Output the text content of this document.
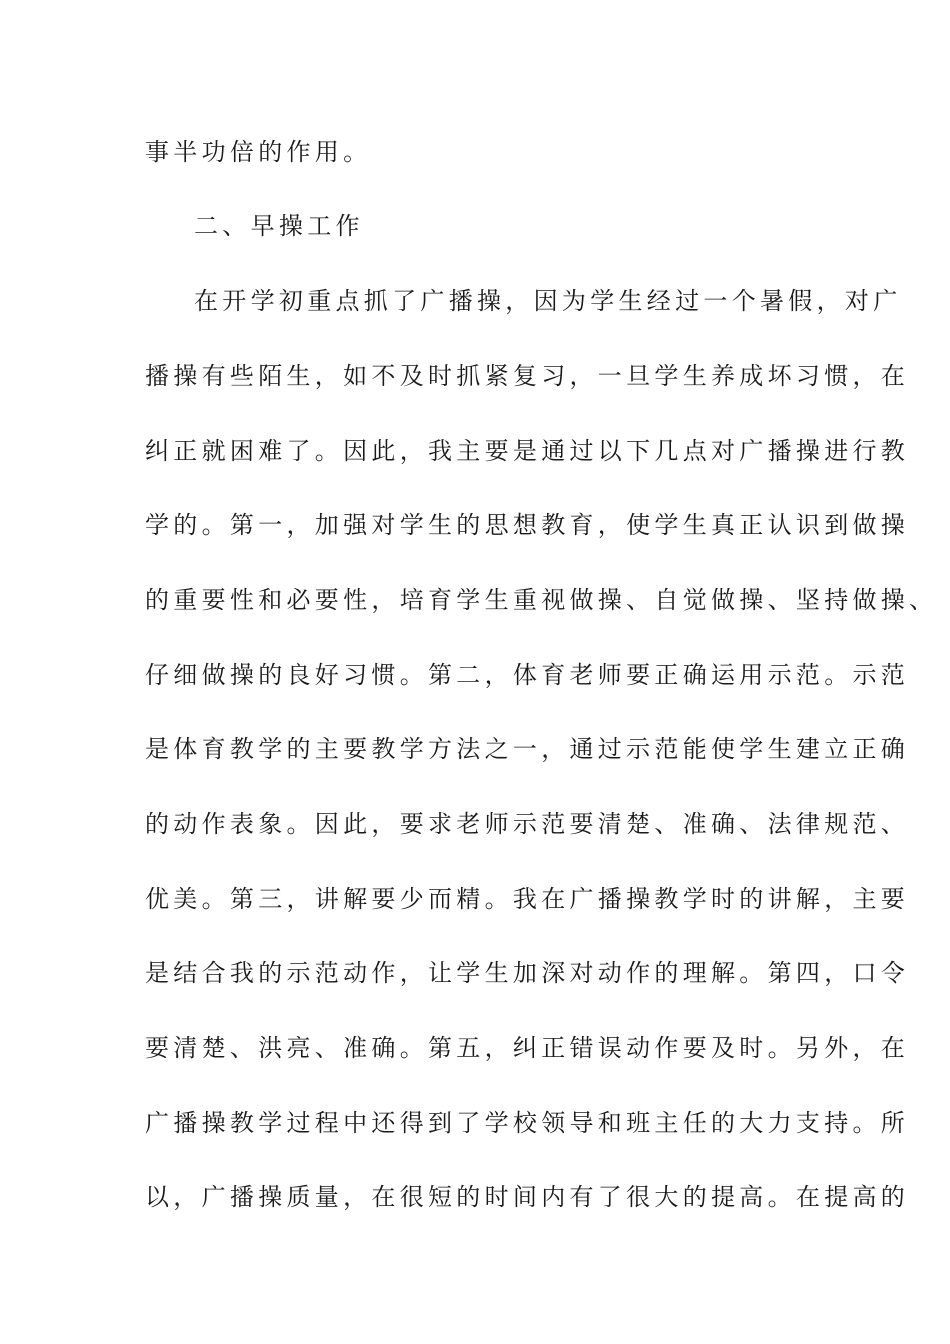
事半功倍的作用。

二、早操工作

在开学初重点抓了广播操，因为学生经过一个暑假，对广

播操有些陌生，如不及时抓紧复习，一旦学生养成坏习惯，在

纠正就困难了。因此，我主要是通过以下几点对广播操进行教

学的。第一，加强对学生的思想教育，使学生真正认识到做操

的重要性和必要性，培育学生重视做操、自觉做操、坚持做操、

仔细做操的良好习惯。第二，体育老师要正确运用示范。示范

是体育教学的主要教学方法之一，通过示范能使学生建立正确

的动作表象。因此，要求老师示范要清楚、准确、法律规范、

优美。第三，讲解要少而精。我在广播操教学时的讲解，主要

是结合我的示范动作，让学生加深对动作的理解。第四，口令

要清楚、洪亮、准确。第五，纠正错误动作要及时。另外，在

广播操教学过程中还得到了学校领导和班主任的大力支持。所

以，广播操质量，在很短的时间内有了很大的提高。在提高的
